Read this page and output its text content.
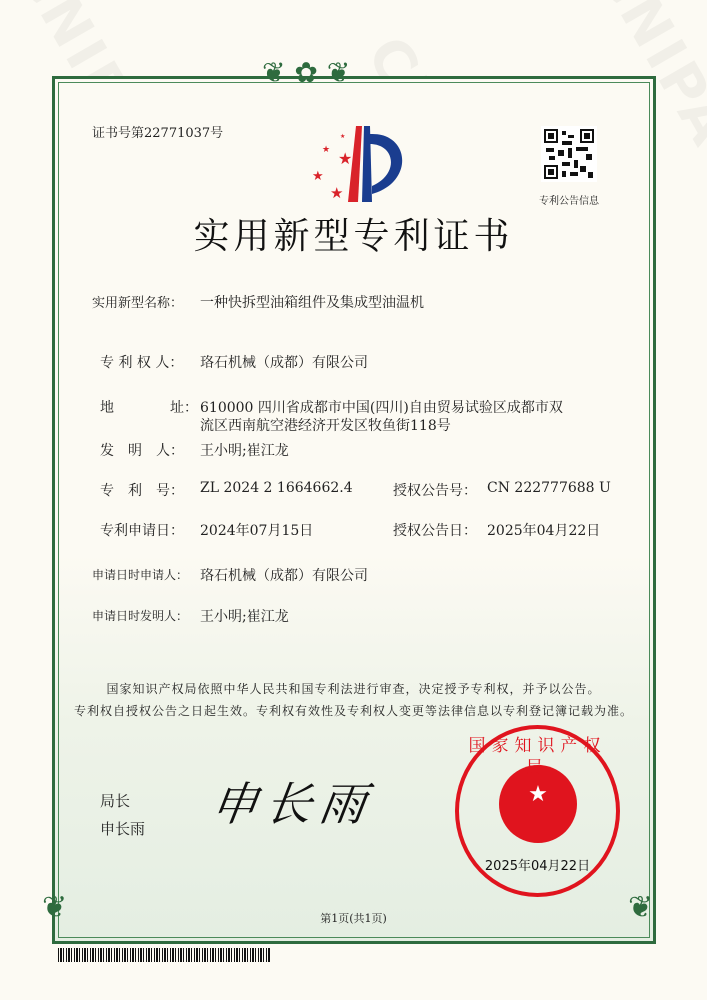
❦ ✿ ❦
❦	❦
证书号第22771037号
★
★
★
★
★
专利公告信息
实用新型专利证书
实用新型名称： 一种快拆型油箱组件及集成型油温机
专 利 权 人： 珞石机械（成都）有限公司
地	址： 610000 四川省成都市中国(四川)自由贸易试验区成都市双
流区西南航空港经济开发区牧鱼街118号
发　明　人： 王小明;崔江龙
专　利　号： ZL 2024 2 1664662.4	授权公告号： CN 222777688 U
专利申请日： 2024年07月15日	授权公告日： 2025年04月22日
申请日时申请人： 珞石机械（成都）有限公司
申请日时发明人： 王小明;崔江龙
国家知识产权局依照中华人民共和国专利法进行审查，决定授予专利权，并予以公告。
专利权自授权公告之日起生效。专利权有效性及专利权人变更等法律信息以专利登记簿记载为准。
局长
申长雨 申长雨	★
国家知识产权局
2025年04月22日
第1页(共1页)
